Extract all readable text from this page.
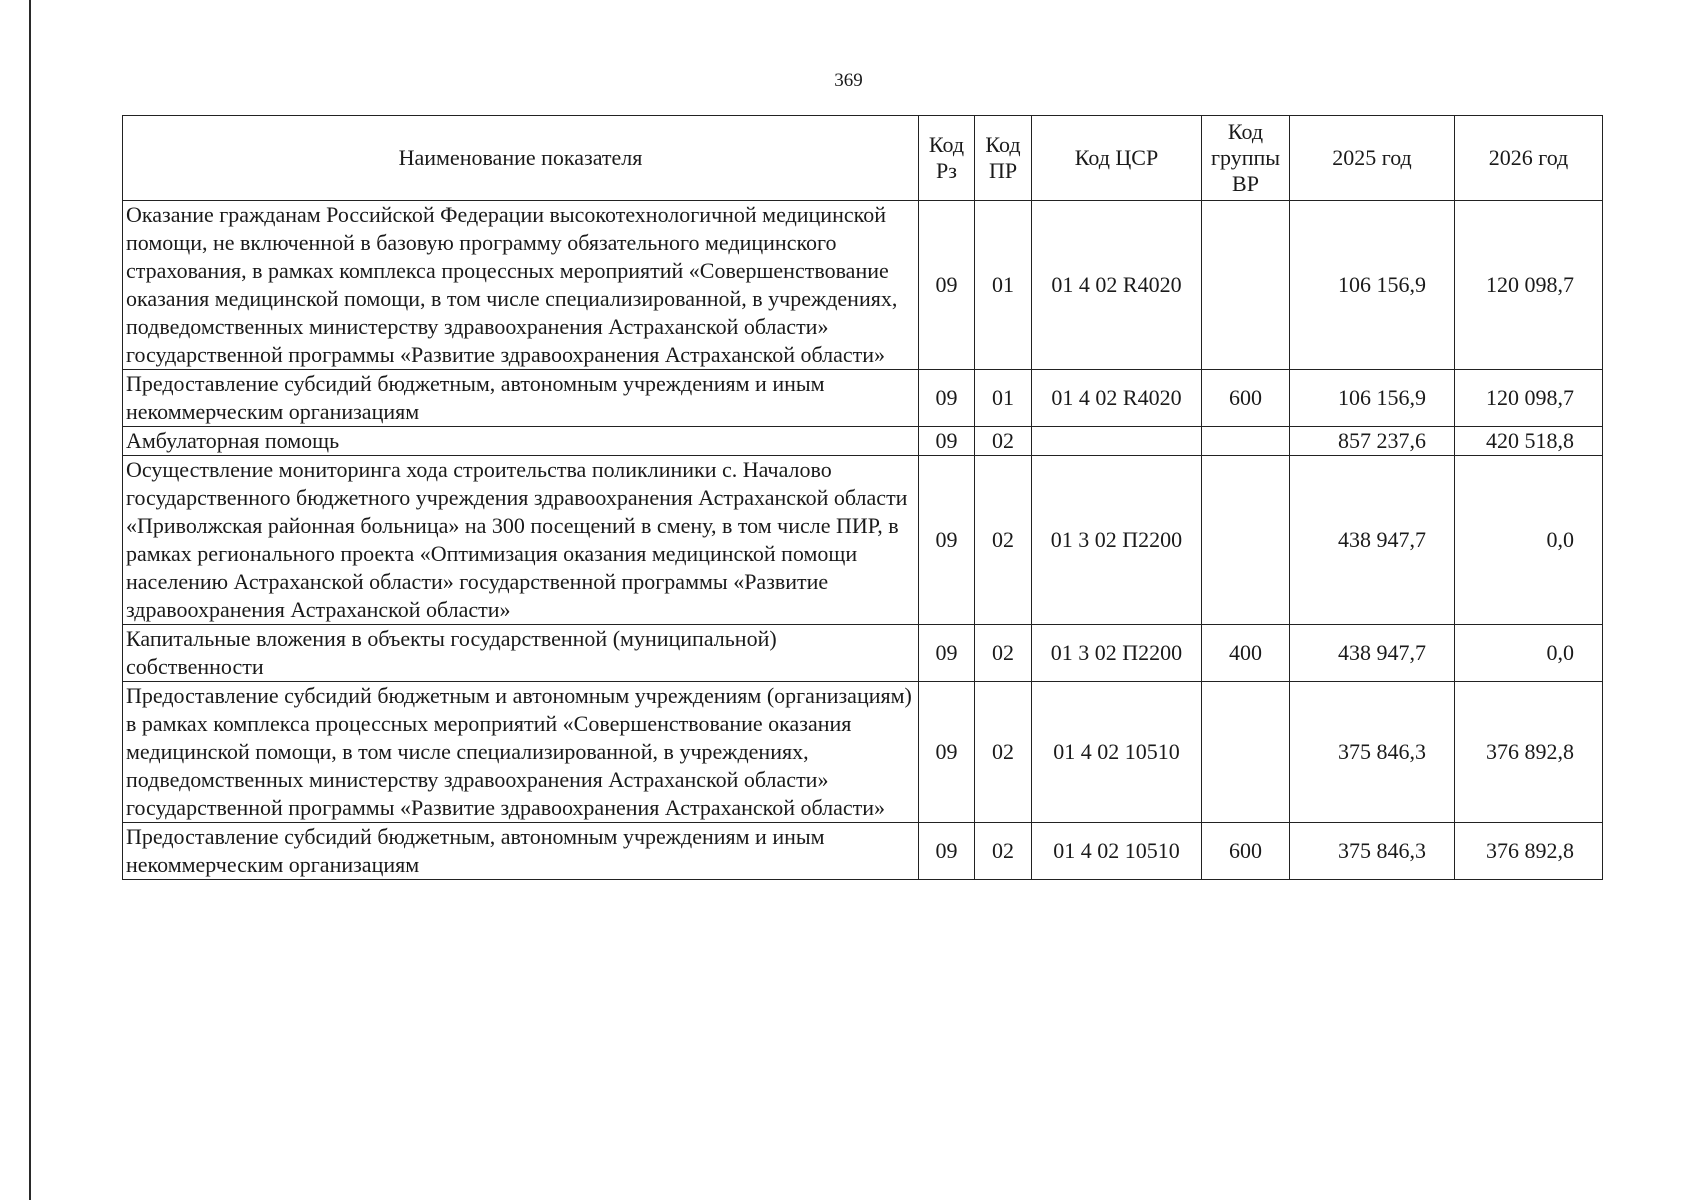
369
Наименование показателя	Код Рз	Код ПР	Код ЦСР	Код группы ВР	2025 год	2026 год
Оказание гражданам Российской Федерации высокотехнологичной медицинской помощи, не включенной в базовую программу обязательного медицинского страхования, в рамках комплекса процессных мероприятий «Совершенствование оказания медицинской помощи, в том числе специализированной, в учреждениях, подведомственных министерству здравоохранения Астраханской области» государственной программы «Развитие здравоохранения Астраханской области»	09	01	01 4 02 R4020		106 156,9	120 098,7
Предоставление субсидий бюджетным, автономным учреждениям и иным некоммерческим организациям	09	01	01 4 02 R4020	600	106 156,9	120 098,7
Амбулаторная помощь	09	02			857 237,6	420 518,8
Осуществление мониторинга хода строительства поликлиники с. Началово государственного бюджетного учреждения здравоохранения Астраханской области «Приволжская районная больница» на 300 посещений в смену, в том числе ПИР, в рамках регионального проекта «Оптимизация оказания медицинской помощи населению Астраханской области» государственной программы «Развитие здравоохранения Астраханской области»	09	02	01 3 02 П2200		438 947,7	0,0
Капитальные вложения в объекты государственной (муниципальной) собственности	09	02	01 3 02 П2200	400	438 947,7	0,0
Предоставление субсидий бюджетным и автономным учреждениям (организациям) в рамках комплекса процессных мероприятий «Совершенствование оказания медицинской помощи, в том числе специализированной, в учреждениях, подведомственных министерству здравоохранения Астраханской области» государственной программы «Развитие здравоохранения Астраханской области»	09	02	01 4 02 10510		375 846,3	376 892,8
Предоставление субсидий бюджетным, автономным учреждениям и иным некоммерческим организациям	09	02	01 4 02 10510	600	375 846,3	376 892,8
